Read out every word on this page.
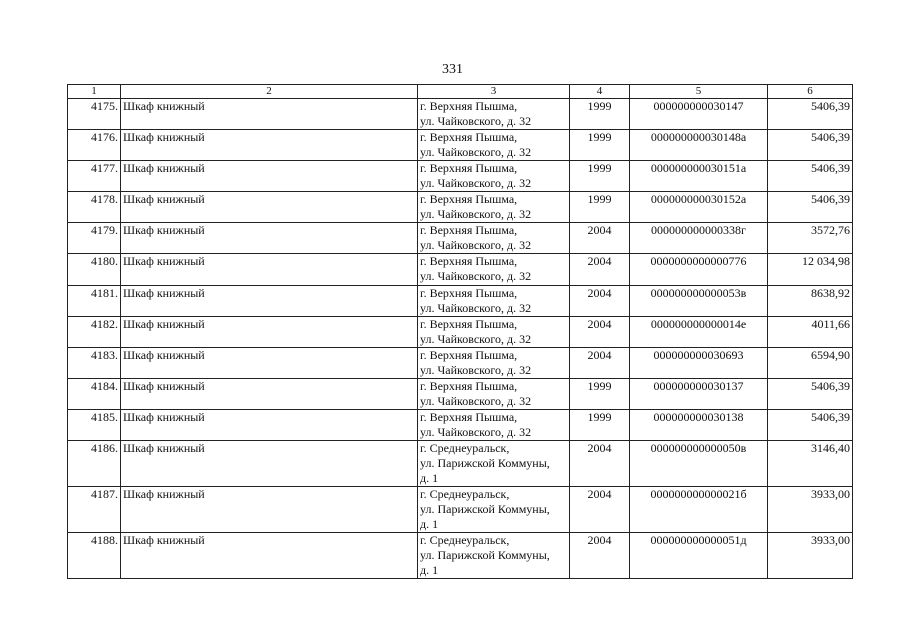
331
1	2	3	4	5	6
4175.	Шкаф книжный	г. Верхняя Пышма,
ул. Чайковского, д. 32	1999	000000000030147	5406,39
4176.	Шкаф книжный	г. Верхняя Пышма,
ул. Чайковского, д. 32	1999	000000000030148а	5406,39
4177.	Шкаф книжный	г. Верхняя Пышма,
ул. Чайковского, д. 32	1999	000000000030151а	5406,39
4178.	Шкаф книжный	г. Верхняя Пышма,
ул. Чайковского, д. 32	1999	000000000030152а	5406,39
4179.	Шкаф книжный	г. Верхняя Пышма,
ул. Чайковского, д. 32	2004	000000000000338г	3572,76
4180.	Шкаф книжный	г. Верхняя Пышма,
ул. Чайковского, д. 32	2004	0000000000000776	12 034,98
4181.	Шкаф книжный	г. Верхняя Пышма,
ул. Чайковского, д. 32	2004	000000000000053в	8638,92
4182.	Шкаф книжный	г. Верхняя Пышма,
ул. Чайковского, д. 32	2004	000000000000014е	4011,66
4183.	Шкаф книжный	г. Верхняя Пышма,
ул. Чайковского, д. 32	2004	000000000030693	6594,90
4184.	Шкаф книжный	г. Верхняя Пышма,
ул. Чайковского, д. 32	1999	000000000030137	5406,39
4185.	Шкаф книжный	г. Верхняя Пышма,
ул. Чайковского, д. 32	1999	000000000030138	5406,39
4186.	Шкаф книжный	г. Среднеуральск,
ул. Парижской Коммуны,
д. 1	2004	000000000000050в	3146,40
4187.	Шкаф книжный	г. Среднеуральск,
ул. Парижской Коммуны,
д. 1	2004	000000000000021б	3933,00
4188.	Шкаф книжный	г. Среднеуральск,
ул. Парижской Коммуны,
д. 1	2004	000000000000051д	3933,00
